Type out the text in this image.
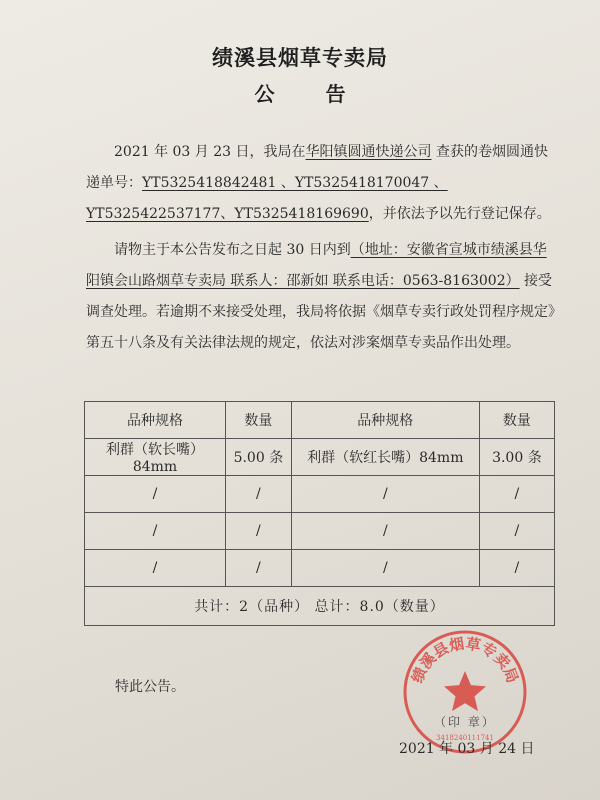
绩溪县烟草专卖局
公 告
2021 年 03 月 23 日，我局在华阳镇圆通快递公司 查获的卷烟圆通快递单号：YT5325418842481 、YT5325418170047 、YT5325422537177、YT5325418169690，并依法予以先行登记保存。
请物主于本公告发布之日起 30 日内到（地址：安徽省宣城市绩溪县华阳镇会山路烟草专卖局 联系人：邵新如 联系电话：0563-8163002） 接受调查处理。若逾期不来接受处理，我局将依据《烟草专卖行政处罚程序规定》第五十八条及有关法律法规的规定，依法对涉案烟草专卖品作出处理。
品种规格	数量	品种规格	数量
利群（软长嘴）84mm	5.00 条	利群（软红长嘴）84mm	3.00 条
/	/	/	/
/	/	/	/
/	/	/	/
共计：2（品种） 总计：8.0（数量）			
特此公告。
绩溪县烟草专卖局
3418240111741
（印 章）
2021 年 03 月 24 日
